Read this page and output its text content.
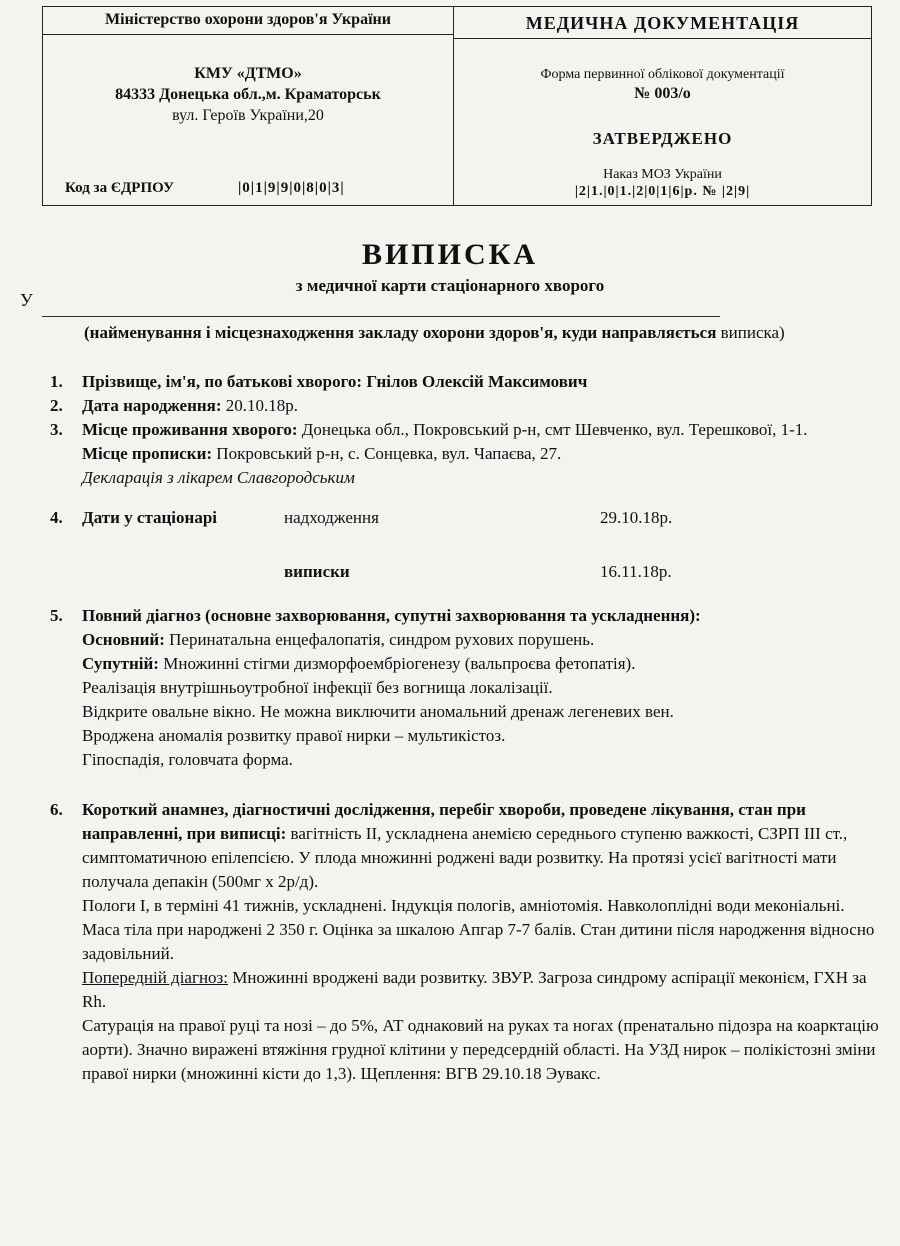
Міністерство охорони здоров'я України
КМУ «ДТМО»
84333 Донецька обл.,м. Краматорськ
вул. Героїв України,20
Код за ЄДРПОУ	|0|1|9|9|0|8|0|3|
МЕДИЧНА ДОКУМЕНТАЦІЯ
Форма первинної облікової документації
№ 003/о
ЗАТВЕРДЖЕНО
Наказ МОЗ України
|2|1.|0|1.|2|0|1|6|р. № |2|9|
ВИПИСКА
з медичної карти стаціонарного хворого
У
(найменування і місцезнаходження закладу охорони здоров'я, куди направляється виписка)
1. Прізвище, ім'я, по батькові хворого: Гнілов Олексій Максимович
2. Дата народження: 20.10.18р.
3. Місце проживання хворого: Донецька обл., Покровський р-н, смт Шевченко, вул. Терешкової, 1-1.
Місце прописки: Покровський р-н, с. Сонцевка, вул. Чапаєва, 27.
Декларація з лікарем Славгородським
4. Дати у стаціонарі	надходження	29.10.18р.
виписки	16.11.18р.
5. Повний діагноз (основне захворювання, супутні захворювання та ускладнення):
Основний: Перинатальна енцефалопатія, синдром рухових порушень.
Супутній: Множинні стігми дизморфоембріогенезу (вальпроєва фетопатія).
Реалізація внутрішньоутробної інфекції без вогнища локалізації.
Відкрите овальне вікно. Не можна виключити аномальний дренаж легеневих вен.
Вроджена аномалія розвитку правої нирки – мультикістоз.
Гіпоспадія, головчата форма.
6. Короткий анамнез, діагностичні дослідження, перебіг хвороби, проведене лікування, стан при направленні, при виписці: вагітність ІІ, ускладнена анемією середнього ступеню важкості, СЗРП ІІІ ст., симптоматичною епілепсією. У плода множинні роджені вади розвитку. На протязі усієї вагітності мати получала депакін (500мг х 2р/д).
Пологи І, в терміні 41 тижнів, ускладнені. Індукція пологів, амніотомія. Навколоплідні води меконіальні. Маса тіла при народжені 2 350 г. Оцінка за шкалою Апгар 7-7 балів. Стан дитини після народження відносно задовільний.
Попередній діагноз: Множинні вроджені вади розвитку. ЗВУР. Загроза синдрому аспірації меконієм, ГХН за Rh.
Сатурація на правої руці та нозі – до 5%, АТ однаковий на руках та ногах (пренатально підозра на коарктацію аорти). Значно виражені втяжіння грудної клітини у передсердній області. На УЗД нирок – полікістозні зміни правої нирки (множинні кісти до 1,3). Щеплення: ВГВ 29.10.18 Эувакс.
